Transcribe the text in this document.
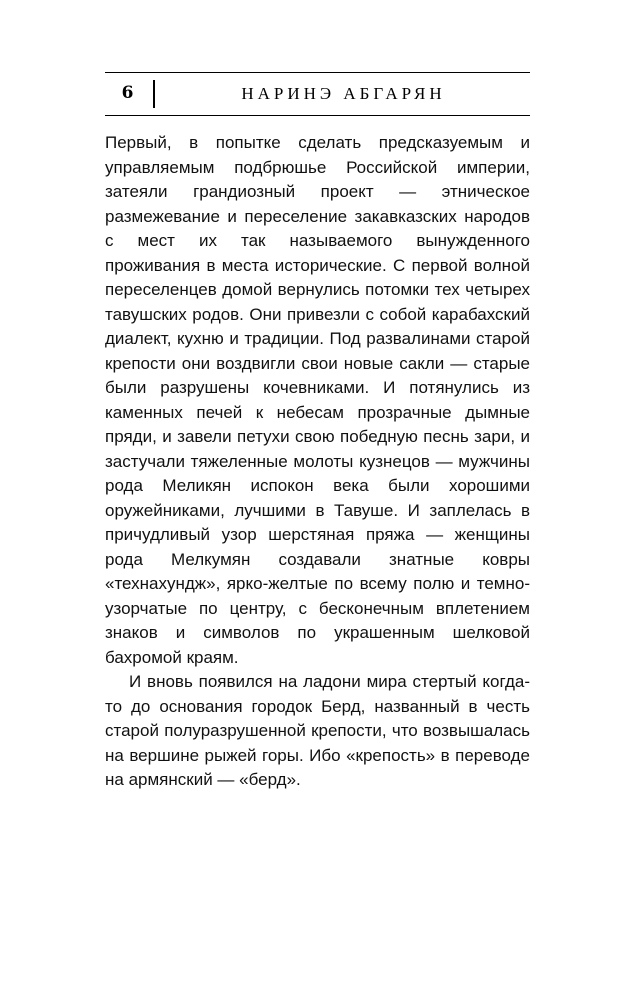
6	НАРИНЭ АБГАРЯН

Первый, в попытке сделать предсказуемым и управляемым подбрюшье Российской империи, затеяли грандиозный проект — этническое размежевание и переселение закавказских народов с мест их так называемого вынужденного проживания в места исторические. С первой волной переселенцев домой вернулись потомки тех четырех тавушских родов. Они привезли с собой карабахский диалект, кухню и традиции. Под развалинами старой крепости они воздвигли свои новые сакли — старые были разрушены кочевниками. И потянулись из каменных печей к небесам прозрачные дымные пряди, и завели петухи свою победную песнь зари, и застучали тяжеленные молоты кузнецов — мужчины рода Меликян испокон века были хорошими оружейниками, лучшими в Тавуше. И заплелась в причудливый узор шерстяная пряжа — женщины рода Мелкумян создавали знатные ковры «технахундж», ярко-желтые по всему полю и темно-узорчатые по центру, с бесконечным вплетением знаков и символов по украшенным шелковой бахромой краям.

И вновь появился на ладони мира стертый когда-то до основания городок Берд, названный в честь старой полуразрушенной крепости, что возвышалась на вершине рыжей горы. Ибо «крепость» в переводе на армянский — «берд».
